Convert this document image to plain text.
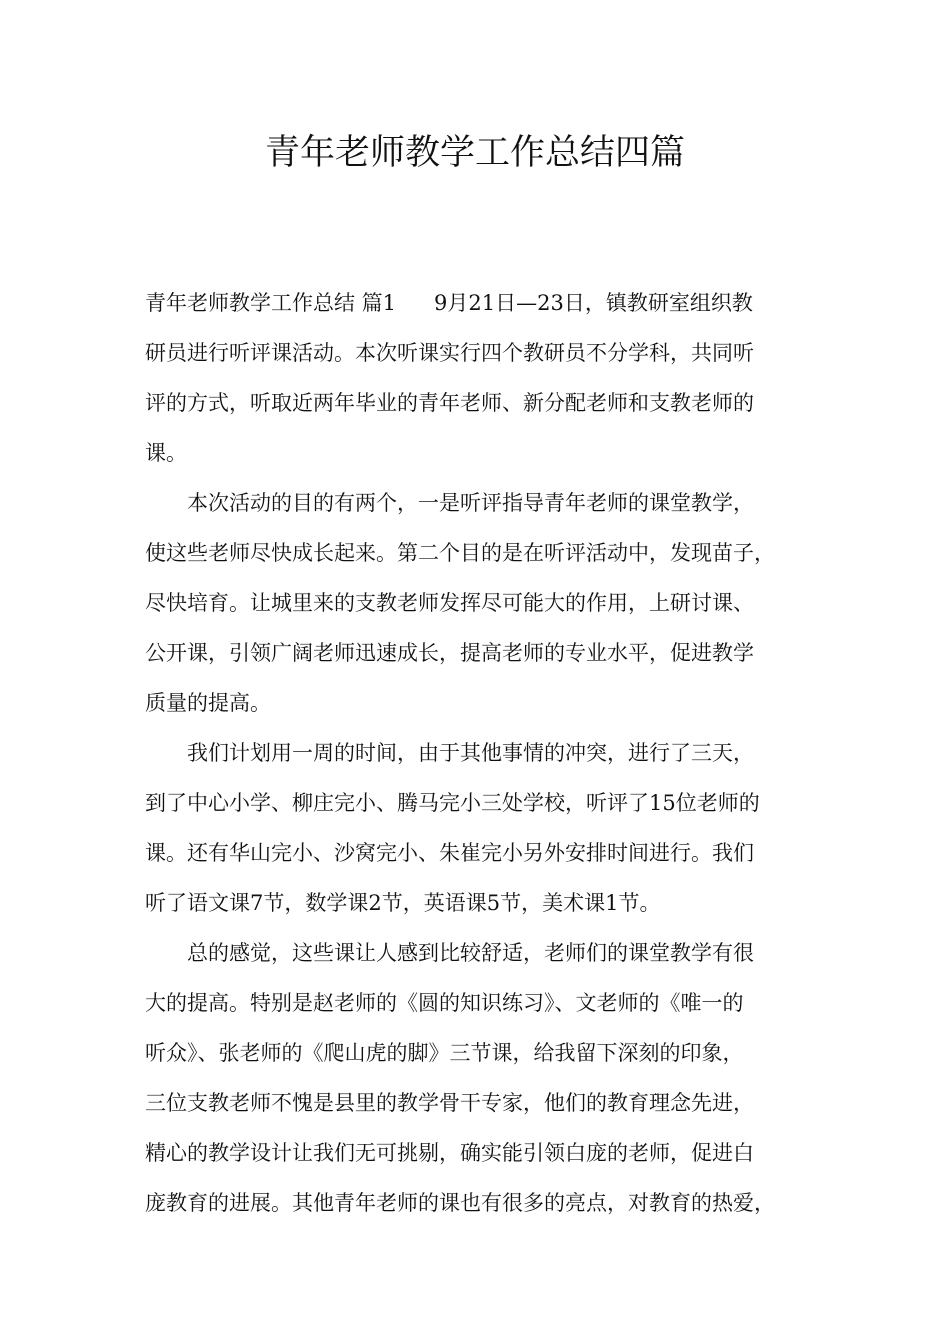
青年老师教学工作总结四篇
青年老师教学工作总结 篇1 9月21日—23日，镇教研室组织教
研员进行听评课活动。本次听课实行四个教研员不分学科，共同听
评的方式，听取近两年毕业的青年老师、新分配老师和支教老师的
课。
本次活动的目的有两个，一是听评指导青年老师的课堂教学，
使这些老师尽快成长起来。第二个目的是在听评活动中，发现苗子，
尽快培育。让城里来的支教老师发挥尽可能大的作用，上研讨课、
公开课，引领广阔老师迅速成长，提高老师的专业水平，促进教学
质量的提高。
我们计划用一周的时间，由于其他事情的冲突，进行了三天，
到了中心小学、柳庄完小、腾马完小三处学校，听评了15位老师的
课。还有华山完小、沙窝完小、朱崔完小另外安排时间进行。我们
听了语文课7节，数学课2节，英语课5节，美术课1节。
总的感觉，这些课让人感到比较舒适，老师们的课堂教学有很
大的提高。特别是赵老师的《圆的知识练习》、文老师的《唯一的
听众》、张老师的《爬山虎的脚》三节课，给我留下深刻的印象，
三位支教老师不愧是县里的教学骨干专家，他们的教育理念先进，
精心的教学设计让我们无可挑剔，确实能引领白庞的老师，促进白
庞教育的进展。其他青年老师的课也有很多的亮点，对教育的热爱，
